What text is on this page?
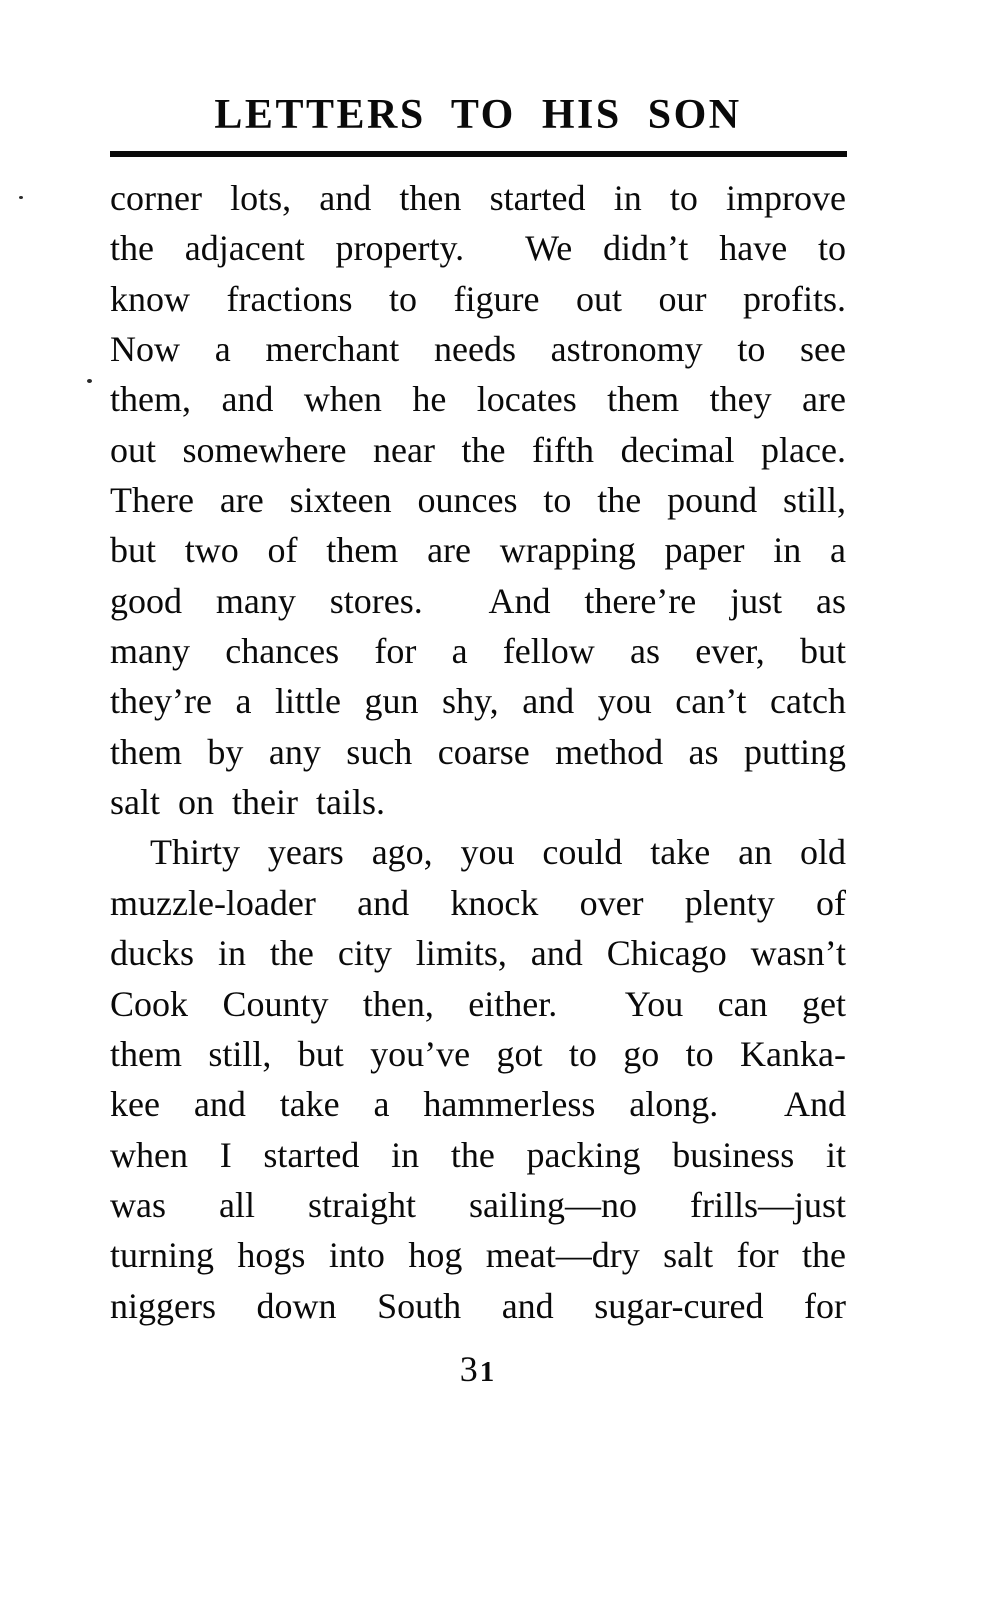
LETTERS TO HIS SON
corner lots, and then started in to improve
the adjacent property.  We didn’t have to
know fractions to figure out our profits.
Now a merchant needs astronomy to see
them, and when he locates them they are
out somewhere near the fifth decimal place.
There are sixteen ounces to the pound still,
but two of them are wrapping paper in a
good many stores.  And there’re just as
many chances for a fellow as ever, but
they’re a little gun shy, and you can’t catch
them by any such coarse method as putting
salt on their tails.
Thirty years ago, you could take an old
muzzle-loader and knock over plenty of
ducks in the city limits, and Chicago wasn’t
Cook County then, either.  You can get
them still, but you’ve got to go to Kanka-
kee and take a hammerless along.  And
when I started in the packing business it
was all straight sailing—no frills—just
turning hogs into hog meat—dry salt for the
niggers down South and sugar-cured for
31
